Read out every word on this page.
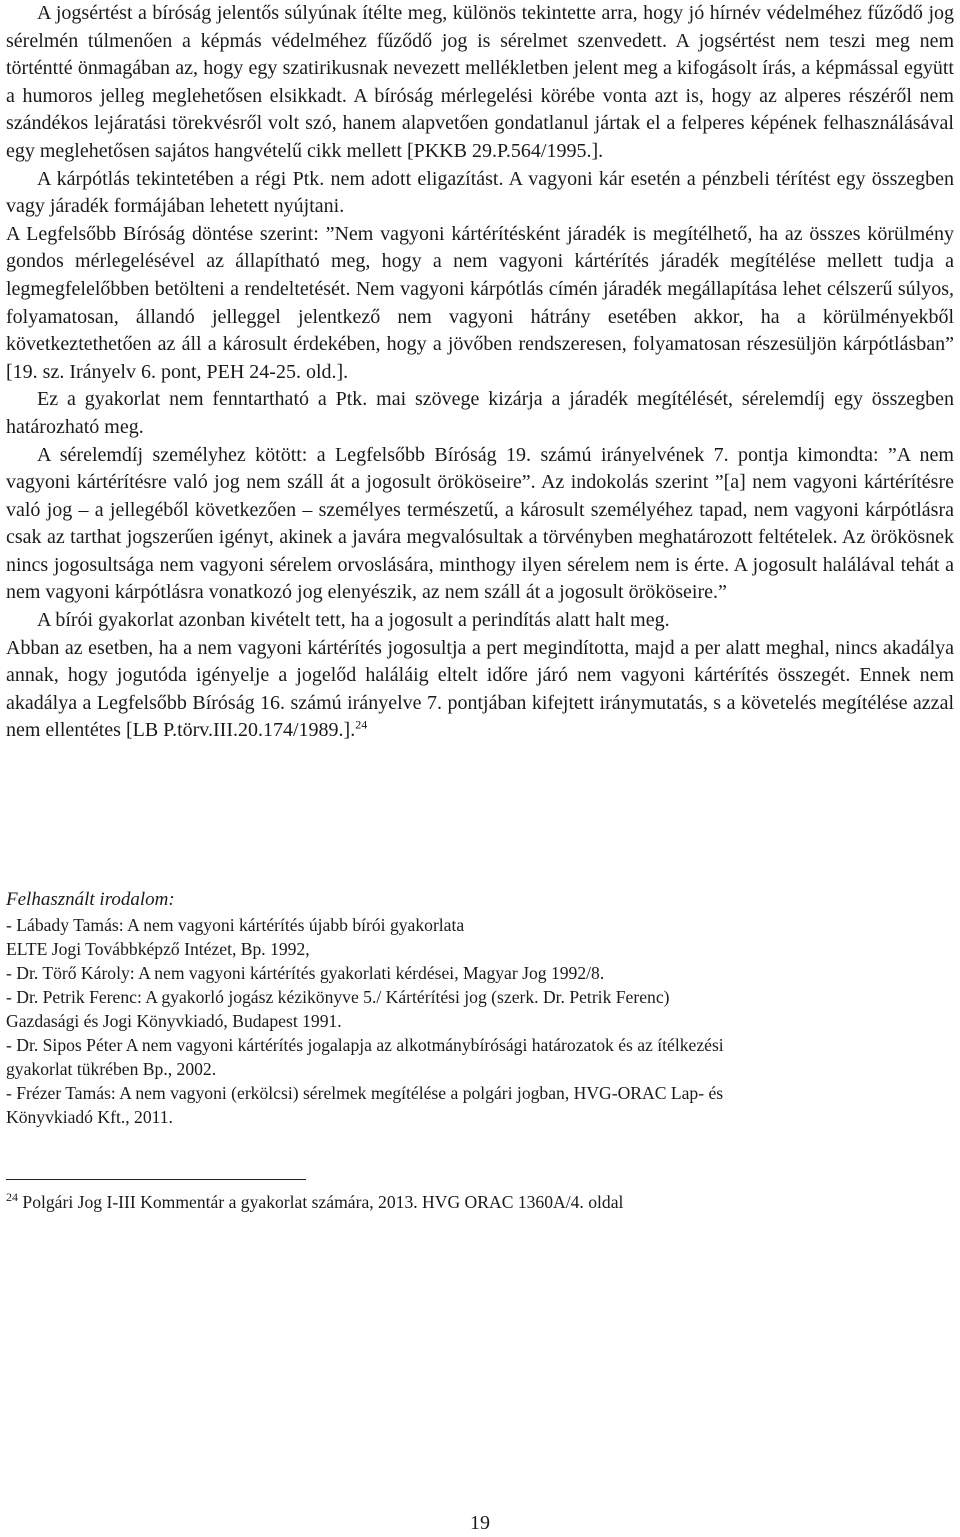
A jogsértést a bíróság jelentős súlyúnak ítélte meg, különös tekintette arra, hogy jó hírnév védelméhez fűződő jog sérelmén túlmenően a képmás védelméhez fűződő jog is sérelmet szenvedett. A jogsértést nem teszi meg nem történtté önmagában az, hogy egy szatirikusnak nevezett mellékletben jelent meg a kifogásolt írás, a képmással együtt a humoros jelleg meglehetősen elsikkadt. A bíróság mérlegelési körébe vonta azt is, hogy az alperes részéről nem szándékos lejáratási törekvésről volt szó, hanem alapvetően gondatlanul jártak el a felperes képének felhasználásával egy meglehetősen sajátos hangvételű cikk mellett [PKKB 29.P.564/1995.].

A kárpótlás tekintetében a régi Ptk. nem adott eligazítást. A vagyoni kár esetén a pénzbeli térítést egy összegben vagy járadék formájában lehetett nyújtani.

A Legfelsőbb Bíróság döntése szerint: ”Nem vagyoni kártérítésként járadék is megítélhető, ha az összes körülmény gondos mérlegelésével az állapítható meg, hogy a nem vagyoni kártérítés járadék megítélése mellett tudja a legmegfelelőbben betölteni a rendeltetését. Nem vagyoni kárpótlás címén járadék megállapítása lehet célszerű súlyos, folyamatosan, állandó jelleggel jelentkező nem vagyoni hátrány esetében akkor, ha a körülményekből következtethetően az áll a károsult érdekében, hogy a jövőben rendszeresen, folyamatosan részesüljön kárpótlásban” [19. sz. Irányelv 6. pont, PEH 24-25. old.].

Ez a gyakorlat nem fenntartható a Ptk. mai szövege kizárja a járadék megítélését, sérelemdíj egy összegben határozható meg.

A sérelemdíj személyhez kötött: a Legfelsőbb Bíróság 19. számú irányelvének 7. pontja kimondta: ”A nem vagyoni kártérítésre való jog nem száll át a jogosult örököseire”. Az indokolás szerint ”[a] nem vagyoni kártérítésre való jog – a jellegéből következően – személyes természetű, a károsult személyéhez tapad, nem vagyoni kárpótlásra csak az tarthat jogszerűen igényt, akinek a javára megvalósultak a törvényben meghatározott feltételek. Az örökösnek nincs jogosultsága nem vagyoni sérelem orvoslására, minthogy ilyen sérelem nem is érte. A jogosult halálával tehát a nem vagyoni kárpótlásra vonatkozó jog elenyészik, az nem száll át a jogosult örököseire.”

A bírói gyakorlat azonban kivételt tett, ha a jogosult a perindítás alatt halt meg.

Abban az esetben, ha a nem vagyoni kártérítés jogosultja a pert megindította, majd a per alatt meghal, nincs akadálya annak, hogy jogutóda igényelje a jogelőd haláláig eltelt időre járó nem vagyoni kártérítés összegét. Ennek nem akadálya a Legfelsőbb Bíróság 16. számú irányelve 7. pontjában kifejtett iránymutatás, s a követelés megítélése azzal nem ellentétes [LB P.törv.III.20.174/1989.].$^{24}$

Felhasznált irodalom:

- Lábady Tamás: A nem vagyoni kártérítés újabb bírói gyakorlata

ELTE Jogi Továbbképző Intézet, Bp. 1992,

- Dr. Törő Károly: A nem vagyoni kártérítés gyakorlati kérdései, Magyar Jog 1992/8.

- Dr. Petrik Ferenc: A gyakorló jogász kézikönyve 5./ Kártérítési jog (szerk. Dr. Petrik Ferenc)

Gazdasági és Jogi Könyvkiadó, Budapest 1991.

- Dr. Sipos Péter A nem vagyoni kártérítés jogalapja az alkotmánybírósági határozatok és az ítélkezési

gyakorlat tükrében Bp., 2002.

- Frézer Tamás: A nem vagyoni (erkölcsi) sérelmek megítélése a polgári jogban, HVG-ORAC Lap- és

Könyvkiadó Kft., 2011.

$^{24}$ Polgári Jog I-III Kommentár a gyakorlat számára, 2013. HVG ORAC 1360A/4. oldal
19
